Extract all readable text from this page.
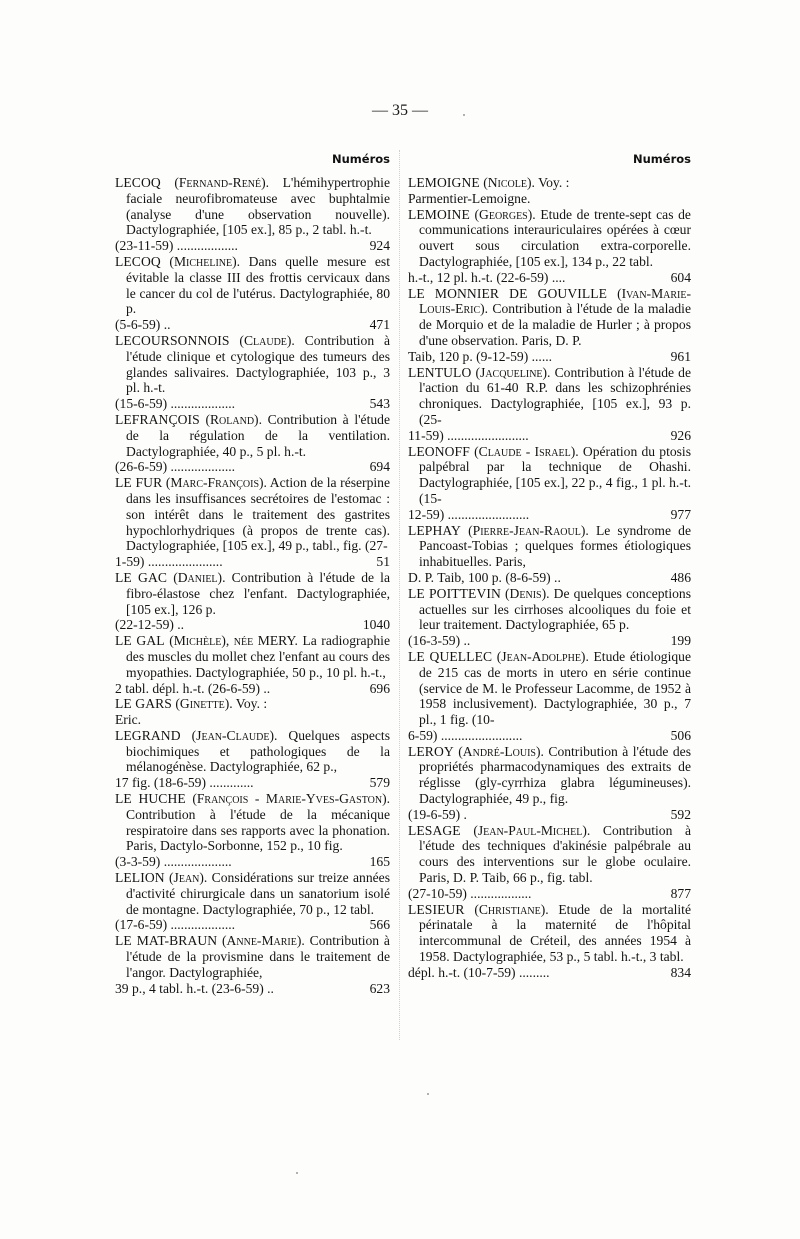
— 35 —
Numéros
LECOQ (Fernand-René). L'hémihypertrophie faciale neurofibromateuse avec buphtalmie (analyse d'une observation nouvelle). Dactylographiée, [105 ex.], 85 p., 2 tabl. h.-t.
(23-11-59) ..................	924
LECOQ (Micheline). Dans quelle mesure est évitable la classe III des frottis cervicaux dans le cancer du col de l'utérus. Dactylographiée, 80 p.
(5-6-59) ..	471
LECOURSONNOIS (Claude). Contribution à l'étude clinique et cytologique des tumeurs des glandes salivaires. Dactylographiée, 103 p., 3 pl. h.-t.
(15-6-59) ...................	543
LEFRANÇOIS (Roland). Contribution à l'étude de la régulation de la ventilation. Dactylographiée, 40 p., 5 pl. h.-t.
(26-6-59) ...................	694
LE FUR (Marc-François). Action de la réserpine dans les insuffisances secrétoires de l'estomac : son intérêt dans le traitement des gastrites hypochlorhydriques (à propos de trente cas). Dactylographiée, [105 ex.], 49 p., tabl., fig. (27-
1-59) ......................	51
LE GAC (Daniel). Contribution à l'étude de la fibro-élastose chez l'enfant. Dactylographiée, [105 ex.], 126 p.
(22-12-59) ..	1040
LE GAL (Michèle), née MERY. La radiographie des muscles du mollet chez l'enfant au cours des myopathies. Dactylographiée, 50 p., 10 pl. h.-t.,
2 tabl. dépl. h.-t. (26-6-59) ..	696
LE GARS (Ginette). Voy. :
Eric.
LEGRAND (Jean-Claude). Quelques aspects biochimiques et pathologiques de la mélanogénèse. Dactylographiée, 62 p.,
17 fig. (18-6-59) .............	579
LE HUCHE (François - Marie-Yves-Gaston). Contribution à l'étude de la mécanique respiratoire dans ses rapports avec la phonation. Paris, Dactylo-Sorbonne, 152 p., 10 fig.
(3-3-59) ....................	165
LELION (Jean). Considérations sur treize années d'activité chirurgicale dans un sanatorium isolé de montagne. Dactylographiée, 70 p., 12 tabl.
(17-6-59) ...................	566
LE MAT-BRAUN (Anne-Marie). Contribution à l'étude de la provismine dans le traitement de l'angor. Dactylographiée,
39 p., 4 tabl. h.-t. (23-6-59) ..	623
Numéros
LEMOIGNE (Nicole). Voy. :
Parmentier-Lemoigne.
LEMOINE (Georges). Etude de trente-sept cas de communications interauriculaires opérées à cœur ouvert sous circulation extra-corporelle. Dactylographiée, [105 ex.], 134 p., 22 tabl.
h.-t., 12 pl. h.-t. (22-6-59) ....	604
LE MONNIER DE GOUVILLE (Ivan-Marie-Louis-Eric). Contribution à l'étude de la maladie de Morquio et de la maladie de Hurler ; à propos d'une observation. Paris, D. P.
Taib, 120 p. (9-12-59) ......	961
LENTULO (Jacqueline). Contribution à l'étude de l'action du 61-40 R.P. dans les schizophrénies chroniques. Dactylographiée, [105 ex.], 93 p. (25-
11-59) ........................	926
LEONOFF (Claude - Israel). Opération du ptosis palpébral par la technique de Ohashi. Dactylographiée, [105 ex.], 22 p., 4 fig., 1 pl. h.-t. (15-
12-59) ........................	977
LEPHAY (Pierre-Jean-Raoul). Le syndrome de Pancoast-Tobias ; quelques formes étiologiques inhabituelles. Paris,
D. P. Taib, 100 p. (8-6-59) ..	486
LE POITTEVIN (Denis). De quelques conceptions actuelles sur les cirrhoses alcooliques du foie et leur traitement. Dactylographiée, 65 p.
(16-3-59) ..	199
LE QUELLEC (Jean-Adolphe). Etude étiologique de 215 cas de morts in utero en série continue (service de M. le Professeur Lacomme, de 1952 à 1958 inclusivement). Dactylographiée, 30 p., 7 pl., 1 fig. (10-
6-59) ........................	506
LEROY (André-Louis). Contribution à l'étude des propriétés pharmacodynamiques des extraits de réglisse (gly-cyrrhiza glabra légumineuses). Dactylographiée, 49 p., fig.
(19-6-59) .	592
LESAGE (Jean-Paul-Michel). Contribution à l'étude des techniques d'akinésie palpébrale au cours des interventions sur le globe oculaire. Paris, D. P. Taib, 66 p., fig. tabl.
(27-10-59) ..................	877
LESIEUR (Christiane). Etude de la mortalité périnatale à la maternité de l'hôpital intercommunal de Créteil, des années 1954 à 1958. Dactylographiée, 53 p., 5 tabl. h.-t., 3 tabl.
dépl. h.-t. (10-7-59) .........	834
